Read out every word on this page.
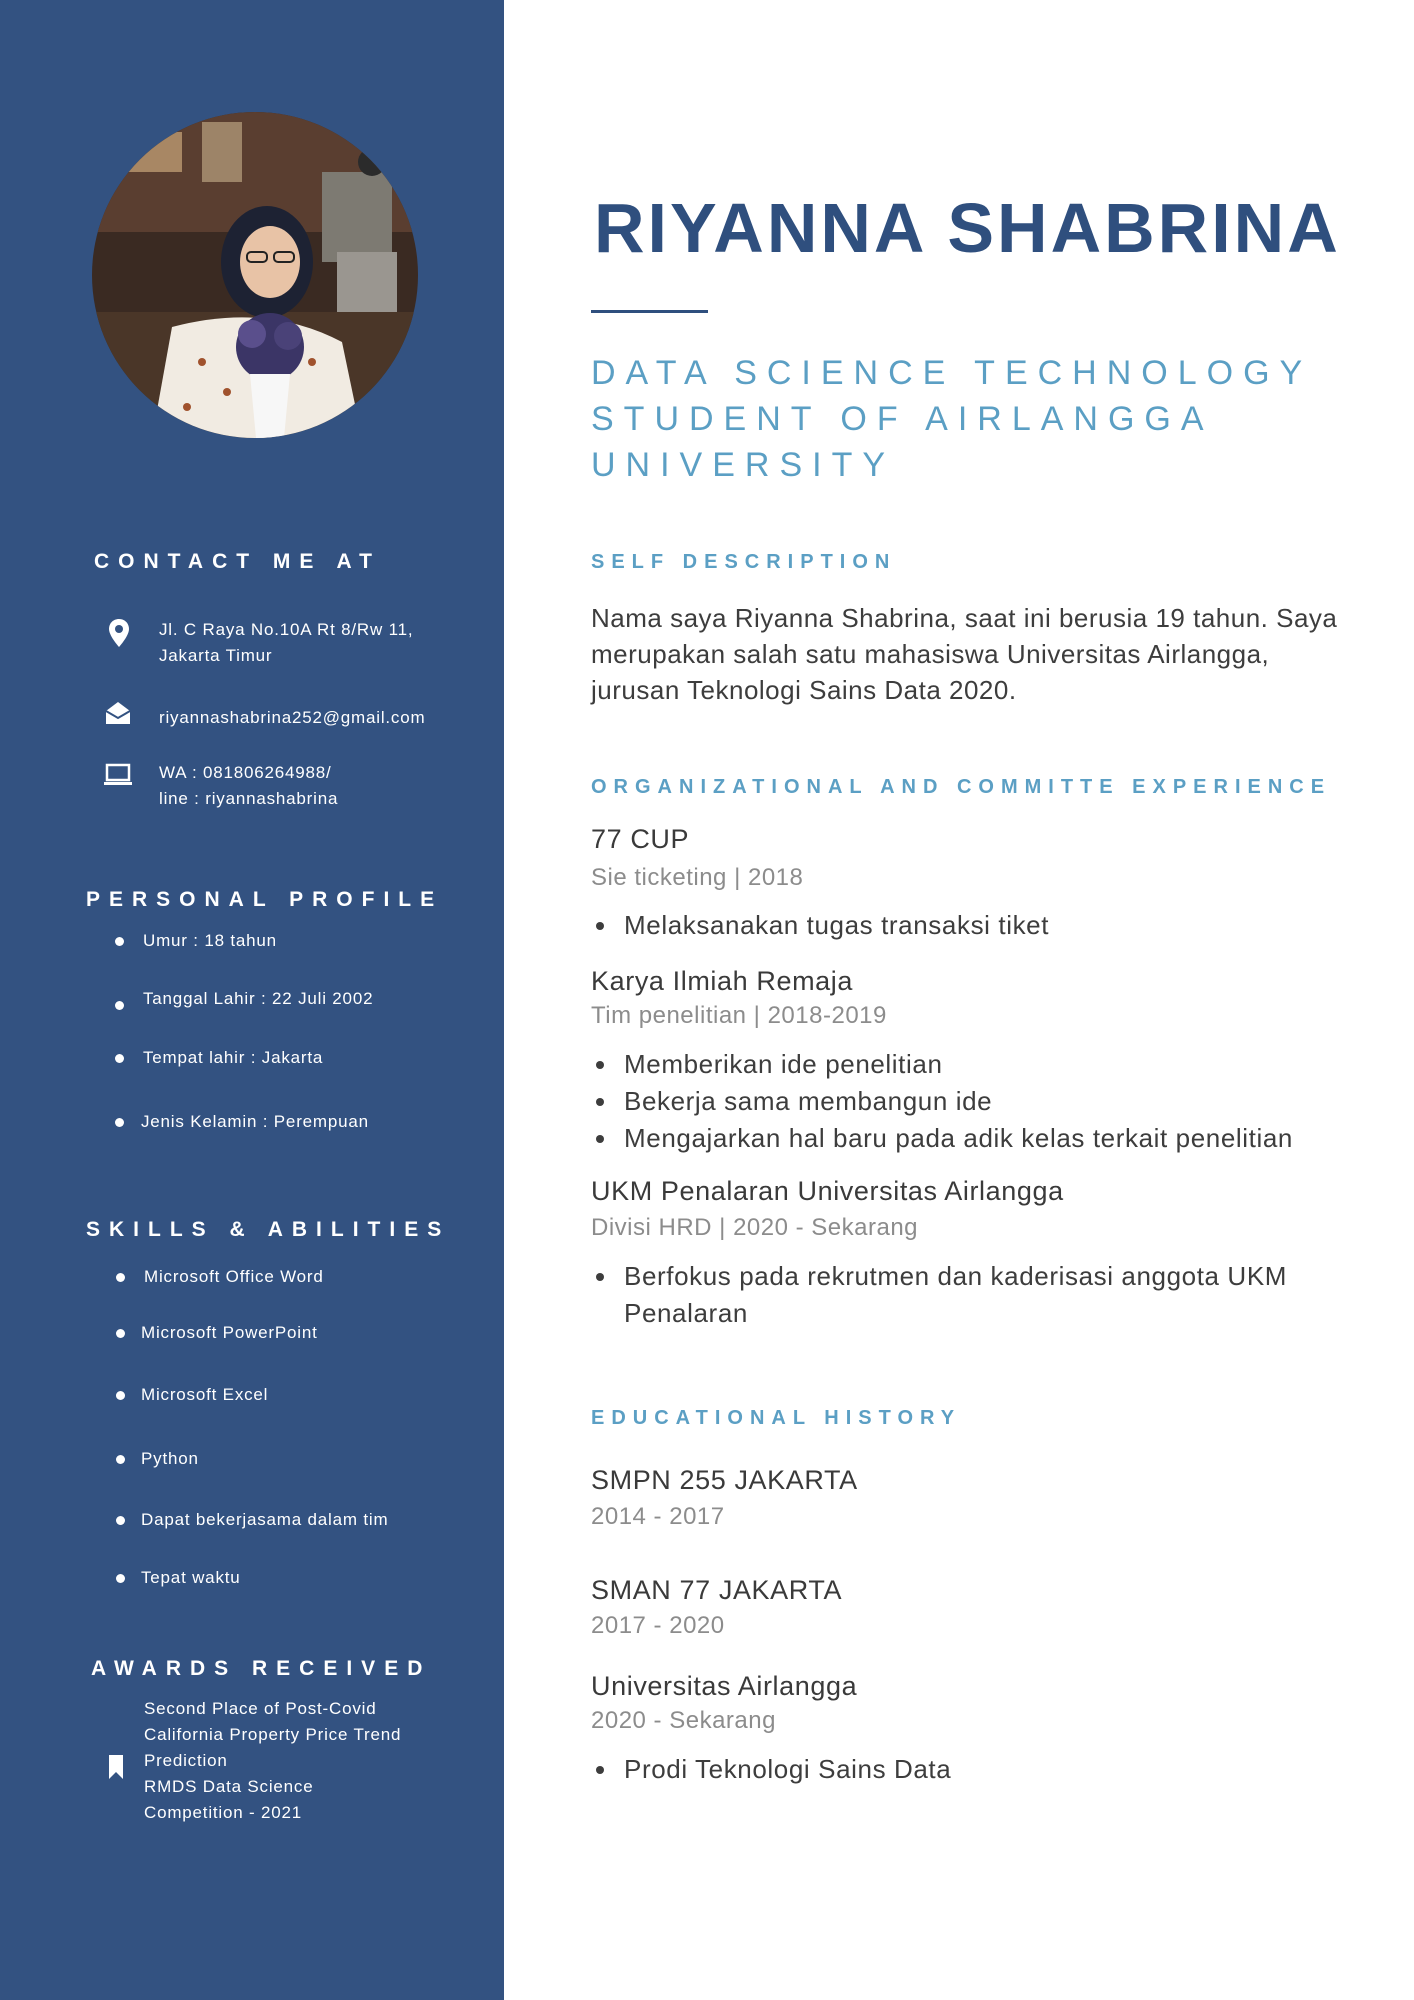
CONTACT ME AT
Jl. C Raya No.10A Rt 8/Rw 11,
Jakarta Timur
riyannashabrina252@gmail.com
WA : 081806264988/
line : riyannashabrina
PERSONAL PROFILE
Umur : 18 tahun
Tanggal Lahir : 22 Juli 2002
Tempat lahir : Jakarta
Jenis Kelamin : Perempuan
SKILLS & ABILITIES
Microsoft Office Word
Microsoft PowerPoint
Microsoft Excel
Python
Dapat bekerjasama dalam tim
Tepat waktu
AWARDS RECEIVED
Second Place of Post-Covid
California Property Price Trend
Prediction
RMDS Data Science
Competition - 2021
RIYANNA SHABRINA
DATA SCIENCE TECHNOLOGY
STUDENT OF AIRLANGGA
UNIVERSITY
SELF DESCRIPTION
Nama saya Riyanna Shabrina, saat ini berusia 19 tahun. Saya
merupakan salah satu mahasiswa Universitas Airlangga,
jurusan Teknologi Sains Data 2020.
ORGANIZATIONAL AND COMMITTE EXPERIENCE
77 CUP
Sie ticketing | 2018
Melaksanakan tugas transaksi tiket
Karya Ilmiah Remaja
Tim penelitian | 2018-2019
Memberikan ide penelitian
Bekerja sama membangun ide
Mengajarkan hal baru pada adik kelas terkait penelitian
UKM Penalaran Universitas Airlangga
Divisi HRD | 2020 - Sekarang
Berfokus pada rekrutmen dan kaderisasi anggota UKM
Penalaran
EDUCATIONAL HISTORY
SMPN 255 JAKARTA
2014 - 2017
SMAN 77 JAKARTA
2017 - 2020
Universitas Airlangga
2020 - Sekarang
Prodi Teknologi Sains Data
